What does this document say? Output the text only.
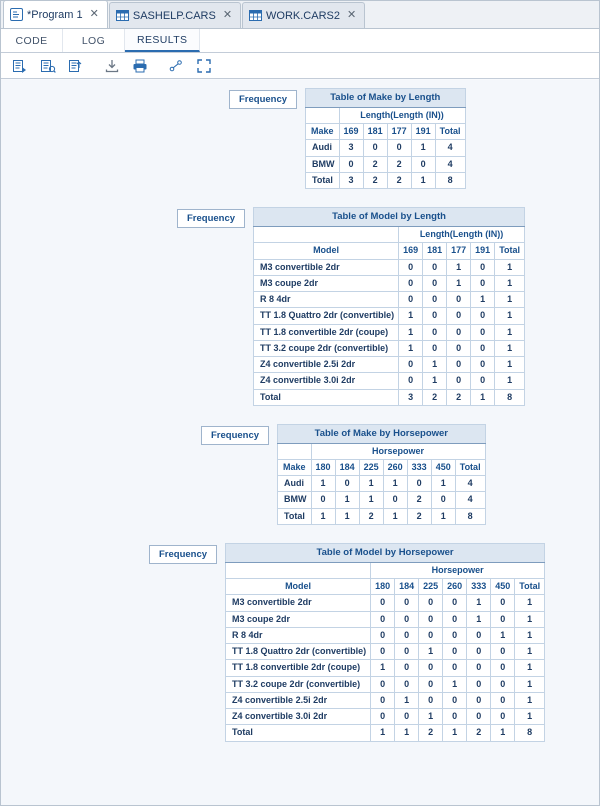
*Program 1 ✕	SASHELP.CARS ✕	WORK.CARS2 ✕
CODE	LOG	RESULTS
Frequency	Table of Make by Length					
	Length(Length (IN))				
Make	169	181	177	191	Total
Audi	3	0	0	1	4
BMW	0	2	2	0	4
Total	3	2	2	1	8
Frequency	Table of Model by Length					
	Length(Length (IN))				
Model	169	181	177	191	Total
M3 convertible 2dr	0	0	1	0	1
M3 coupe 2dr	0	0	1	0	1
R 8 4dr	0	0	0	1	1
TT 1.8 Quattro 2dr (convertible)	1	0	0	0	1
TT 1.8 convertible 2dr (coupe)	1	0	0	0	1
TT 3.2 coupe 2dr (convertible)	1	0	0	0	1
Z4 convertible 2.5i 2dr	0	1	0	0	1
Z4 convertible 3.0i 2dr	0	1	0	0	1
Total	3	2	2	1	8
Frequency	Table of Make by Horsepower							
	Horsepower						
Make	180	184	225	260	333	450	Total
Audi	1	0	1	1	0	1	4
BMW	0	1	1	0	2	0	4
Total	1	1	2	1	2	1	8
Frequency	Table of Model by Horsepower							
	Horsepower						
Model	180	184	225	260	333	450	Total
M3 convertible 2dr	0	0	0	0	1	0	1
M3 coupe 2dr	0	0	0	0	1	0	1
R 8 4dr	0	0	0	0	0	1	1
TT 1.8 Quattro 2dr (convertible)	0	0	1	0	0	0	1
TT 1.8 convertible 2dr (coupe)	1	0	0	0	0	0	1
TT 3.2 coupe 2dr (convertible)	0	0	0	1	0	0	1
Z4 convertible 2.5i 2dr	0	1	0	0	0	0	1
Z4 convertible 3.0i 2dr	0	0	1	0	0	0	1
Total	1	1	2	1	2	1	8
